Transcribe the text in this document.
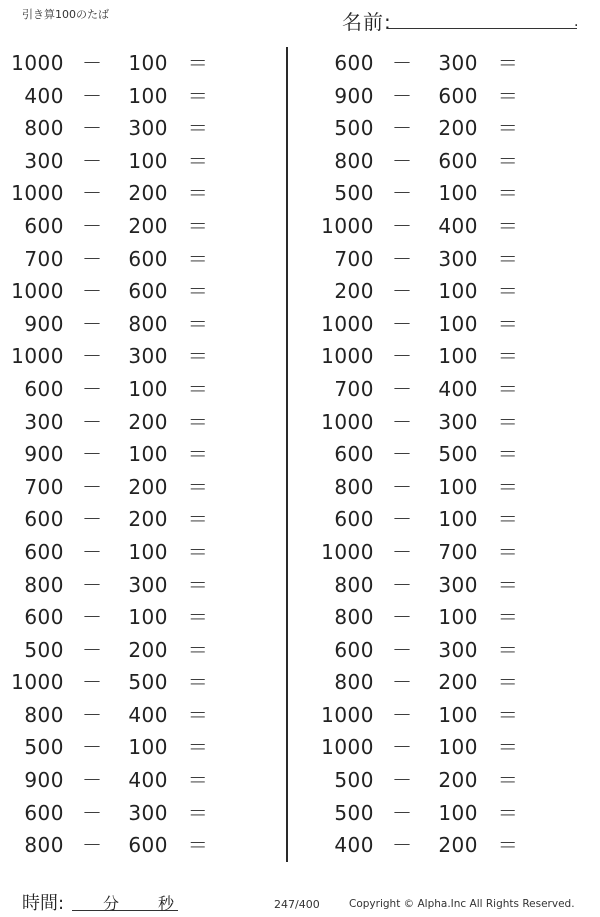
引き算100のたば	名前:	.
1000 －	100 ＝
400 －	100 ＝
800 －	300 ＝
300 －	100 ＝
1000 －	200 ＝
600 －	200 ＝
700 －	600 ＝
1000 －	600 ＝
900 －	800 ＝
1000 －	300 ＝
600 －	100 ＝
300 －	200 ＝
900 －	100 ＝
700 －	200 ＝
600 －	200 ＝
600 －	100 ＝
800 －	300 ＝
600 －	100 ＝
500 －	200 ＝
1000 －	500 ＝
800 －	400 ＝
500 －	100 ＝
900 －	400 ＝
600 －	300 ＝
800 －	600 ＝
600 －	300 ＝
900 －	600 ＝
500 －	200 ＝
800 －	600 ＝
500 －	100 ＝
1000 －	400 ＝
700 －	300 ＝
200 －	100 ＝
1000 －	100 ＝
1000 －	100 ＝
700 －	400 ＝
1000 －	300 ＝
600 －	500 ＝
800 －	100 ＝
600 －	100 ＝
1000 －	700 ＝
800 －	300 ＝
800 －	100 ＝
600 －	300 ＝
800 －	200 ＝
1000 －	100 ＝
1000 －	100 ＝
500 －	200 ＝
500 －	100 ＝
400 －	200 ＝
時間: 分 秒	247/400	Copyright © Alpha.Inc All Rights Reserved.
